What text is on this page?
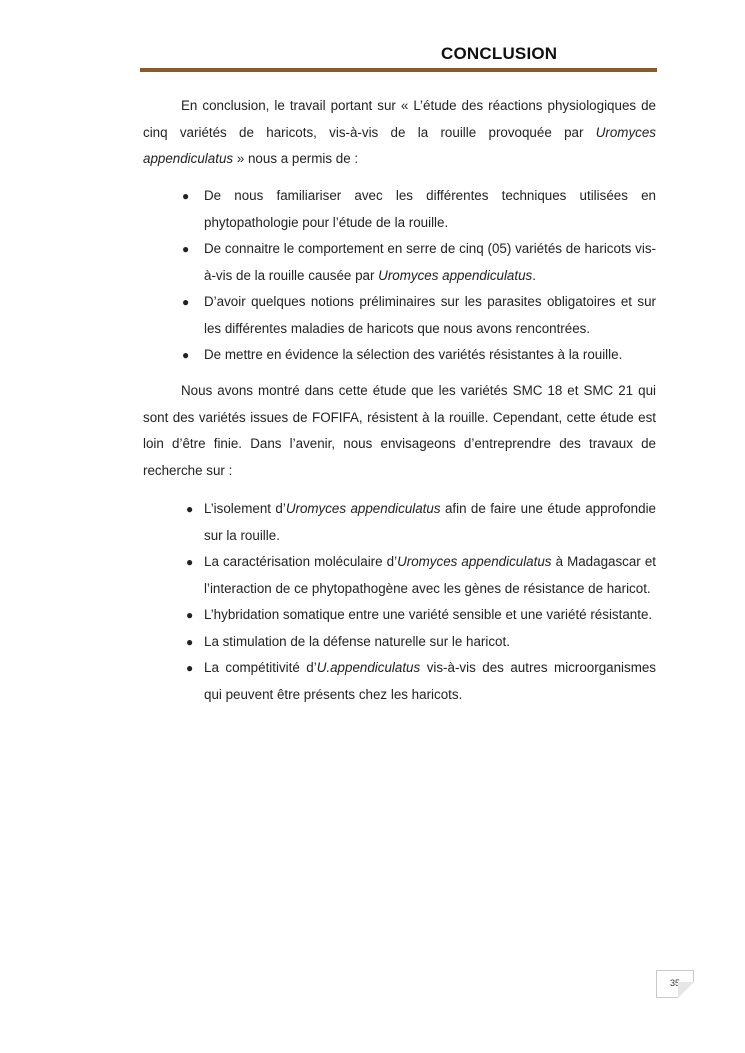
CONCLUSION

En conclusion, le travail portant sur « L’étude des réactions physiologiques de cinq variétés de haricots, vis-à-vis de la rouille provoquée par Uromyces appendiculatus » nous a permis de :

● De nous familiariser avec les différentes techniques utilisées en phytopathologie pour l’étude de la rouille.
● De connaitre le comportement en serre de cinq (05) variétés de haricots vis-à-vis de la rouille causée par Uromyces appendiculatus.
● D’avoir quelques notions préliminaires sur les parasites obligatoires et sur les différentes maladies de haricots que nous avons rencontrées.
● De mettre en évidence la sélection des variétés résistantes à la rouille.

Nous avons montré dans cette étude que les variétés SMC 18 et SMC 21 qui sont des variétés issues de FOFIFA, résistent à la rouille. Cependant, cette étude est loin d’être finie. Dans l’avenir, nous envisageons d’entreprendre des travaux de recherche sur :

● L’isolement d’Uromyces appendiculatus afin de faire une étude approfondie sur la rouille.
● La caractérisation moléculaire d’Uromyces appendiculatus à Madagascar et l’interaction de ce phytopathogène avec les gènes de résistance de haricot.
● L’hybridation somatique entre une variété sensible et une variété résistante.
● La stimulation de la défense naturelle sur le haricot.
● La compétitivité d’U.appendiculatus vis-à-vis des autres microorganismes qui peuvent être présents chez les haricots.
35
